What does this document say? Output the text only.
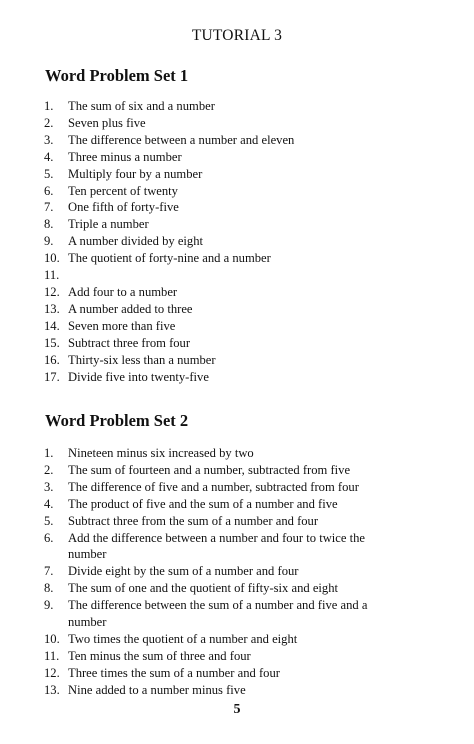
TUTORIAL 3
Word Problem Set 1
1.	The sum of six and a number
2.	Seven plus five
3.	The difference between a number and eleven
4.	Three minus a number
5.	Multiply four by a number
6.	Ten percent of twenty
7.	One fifth of forty-five
8.	Triple a number
9.	A number divided by eight
10. The quotient of forty-nine and a number
11.
12. Add four to a number
13. A number added to three
14. Seven more than five
15. Subtract three from four
16. Thirty-six less than a number
17. Divide five into twenty-five
Word Problem Set 2
1.	Nineteen minus six increased by two
2.	The sum of fourteen and a number, subtracted from five
3.	The difference of five and a number, subtracted from four
4.	The product of five and the sum of a number and five
5.	Subtract three from the sum of a number and four
6.	Add the difference between a number and four to twice the number
7.	Divide eight by the sum of a number and four
8.	The sum of one and the quotient of fifty-six and eight
9.	The difference between the sum of a number and five and a number
10. Two times the quotient of a number and eight
11. Ten minus the sum of three and four
12. Three times the sum of a number and four
13. Nine added to a number minus five
5
